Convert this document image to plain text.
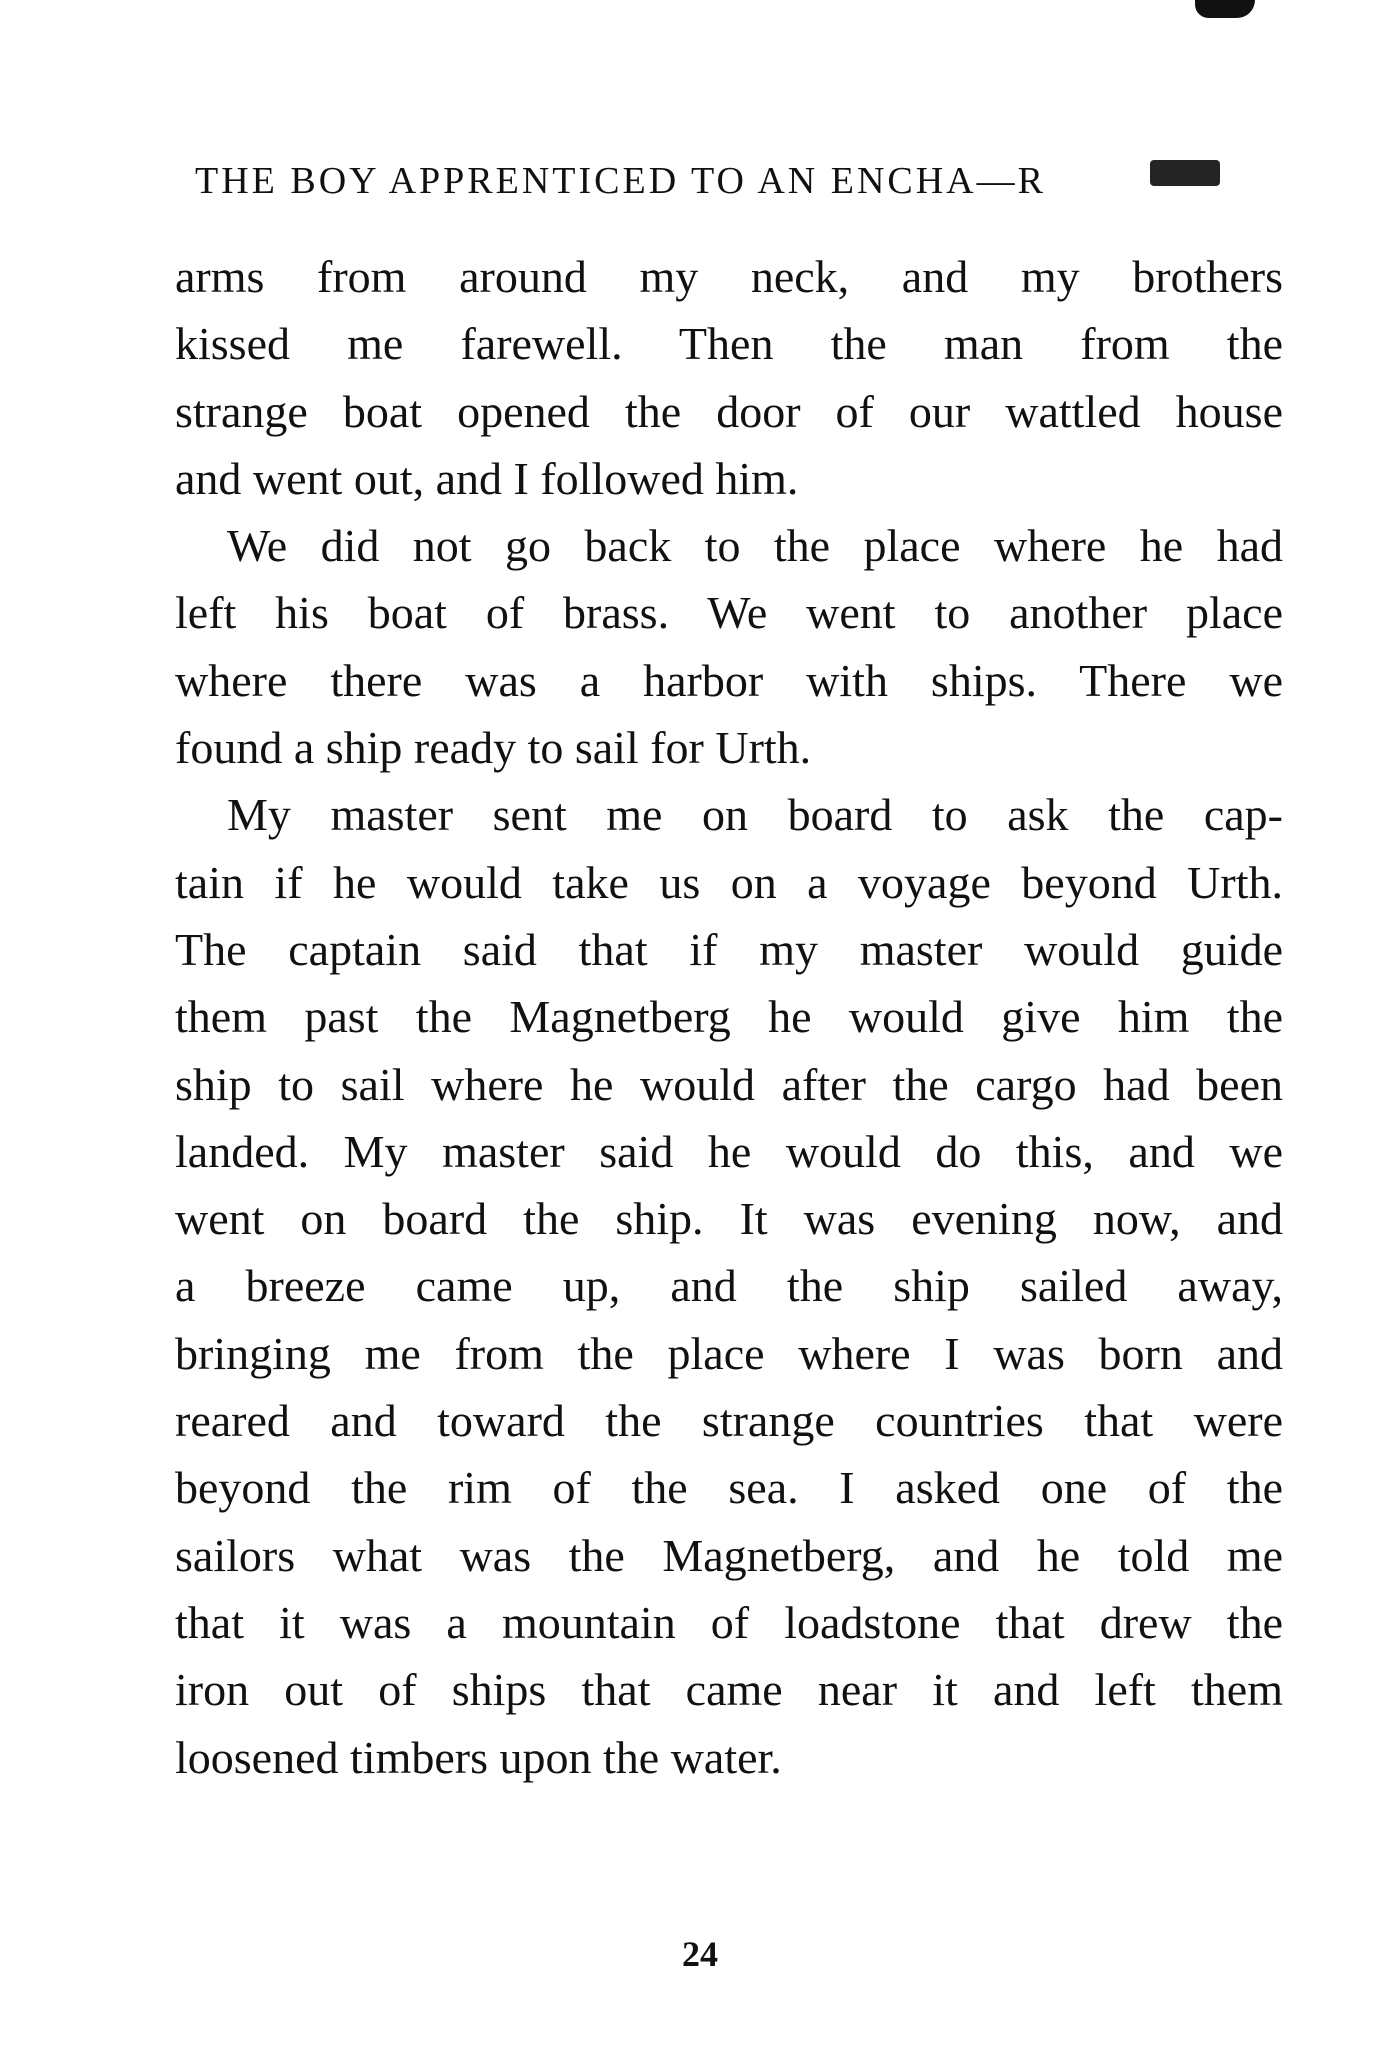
THE BOY APPRENTICED TO AN ENCHA—R
arms from around my neck, and my brothers
kissed me farewell. Then the man from the
strange boat opened the door of our wattled house
and went out, and I followed him.
We did not go back to the place where he had
left his boat of brass. We went to another place
where there was a harbor with ships. There we
found a ship ready to sail for Urth.
My master sent me on board to ask the cap-
tain if he would take us on a voyage beyond Urth.
The captain said that if my master would guide
them past the Magnetberg he would give him the
ship to sail where he would after the cargo had been
landed. My master said he would do this, and we
went on board the ship. It was evening now, and
a breeze came up, and the ship sailed away,
bringing me from the place where I was born and
reared and toward the strange countries that were
beyond the rim of the sea. I asked one of the
sailors what was the Magnetberg, and he told me
that it was a mountain of loadstone that drew the
iron out of ships that came near it and left them
loosened timbers upon the water.
24
